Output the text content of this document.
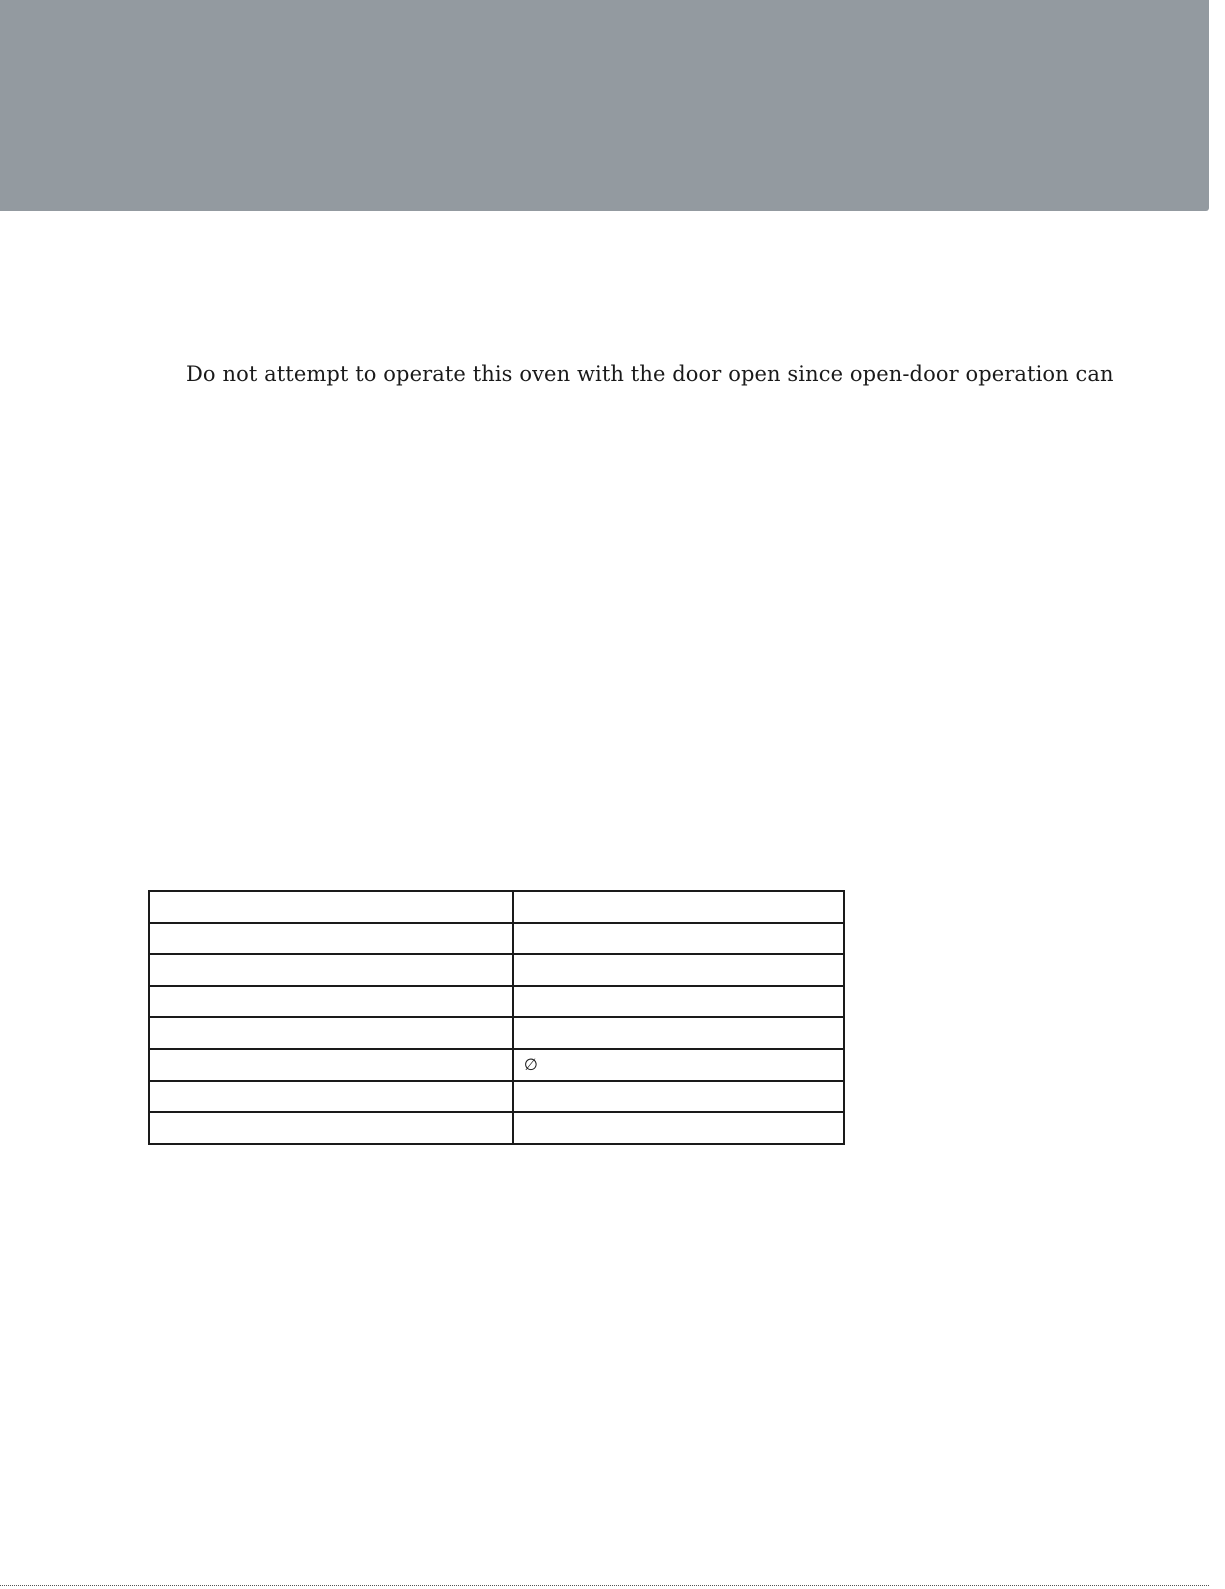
Do not attempt to operate this oven with the door open since open-door operation can

	∅
